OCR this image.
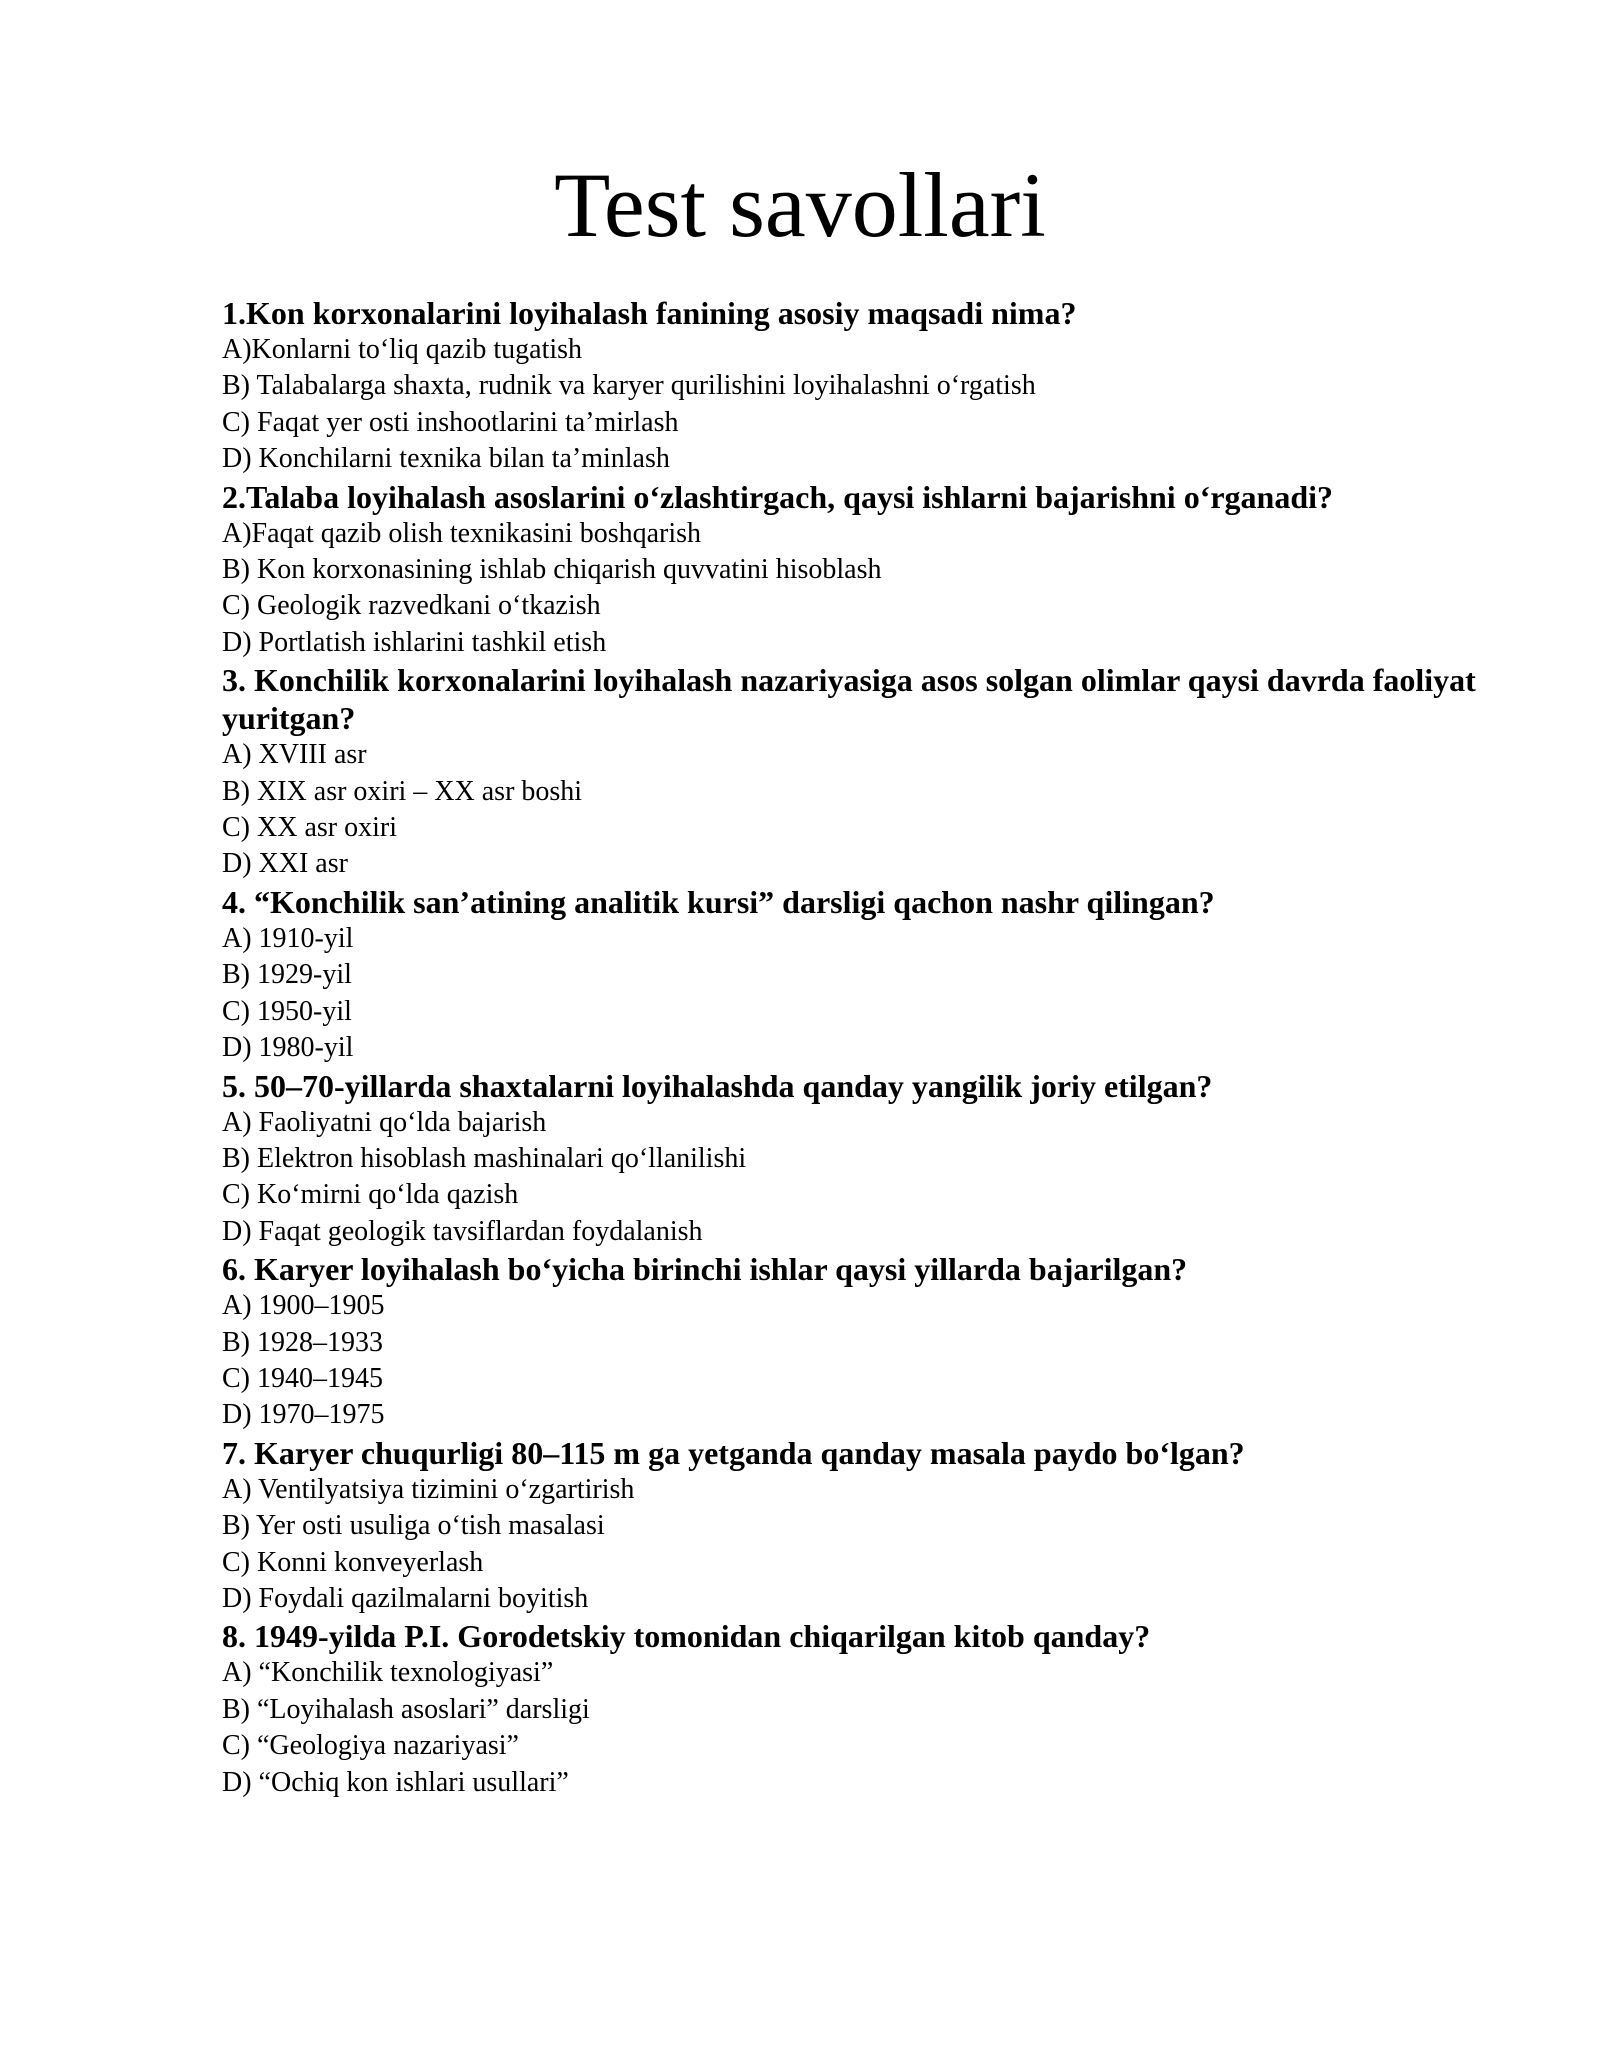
Test savollari

1.Kon korxonalarini loyihalash fanining asosiy maqsadi nima?

A)Konlarni to‘liq qazib tugatish
B) Talabalarga shaxta, rudnik va karyer qurilishini loyihalashni o‘rgatish
C) Faqat yer osti inshootlarini ta’mirlash
D) Konchilarni texnika bilan ta’minlash

2.Talaba loyihalash asoslarini o‘zlashtirgach, qaysi ishlarni bajarishni o‘rganadi?

A)Faqat qazib olish texnikasini boshqarish
B) Kon korxonasining ishlab chiqarish quvvatini hisoblash
C) Geologik razvedkani o‘tkazish
D) Portlatish ishlarini tashkil etish

3. Konchilik korxonalarini loyihalash nazariyasiga asos solgan olimlar qaysi davrda faoliyat yuritgan?

A) XVIII asr
B) XIX asr oxiri – XX asr boshi
C) XX asr oxiri
D) XXI asr

4. “Konchilik san’atining analitik kursi” darsligi qachon nashr qilingan?

A) 1910-yil
B) 1929-yil
C) 1950-yil
D) 1980-yil

5. 50–70-yillarda shaxtalarni loyihalashda qanday yangilik joriy etilgan?

A) Faoliyatni qo‘lda bajarish
B) Elektron hisoblash mashinalari qo‘llanilishi
C) Ko‘mirni qo‘lda qazish
D) Faqat geologik tavsiflardan foydalanish

6. Karyer loyihalash bo‘yicha birinchi ishlar qaysi yillarda bajarilgan?

A) 1900–1905
B) 1928–1933
C) 1940–1945
D) 1970–1975

7. Karyer chuqurligi 80–115 m ga yetganda qanday masala paydo bo‘lgan?

A) Ventilyatsiya tizimini o‘zgartirish
B) Yer osti usuliga o‘tish masalasi
C) Konni konveyerlash
D) Foydali qazilmalarni boyitish

8. 1949-yilda P.I. Gorodetskiy tomonidan chiqarilgan kitob qanday?

A) “Konchilik texnologiyasi”
B) “Loyihalash asoslari” darsligi
C) “Geologiya nazariyasi”
D) “Ochiq kon ishlari usullari”
